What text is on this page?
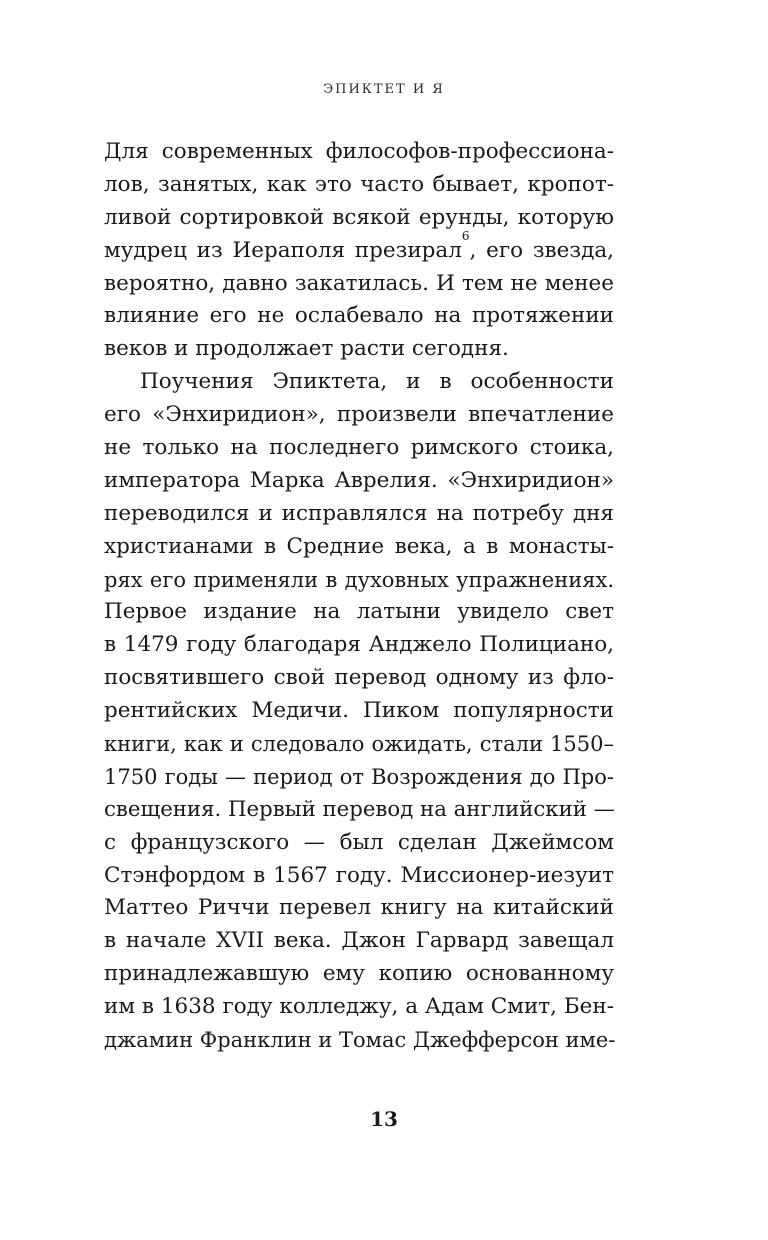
ЭПИКТЕТ И Я
Для современных философов-профессиона-
лов, занятых, как это часто бывает, кропот-
ливой сортировкой всякой ерунды, которую
мудрец из Иераполя презирал$^6$, его звезда,
вероятно, давно закатилась. И тем не менее
влияние его не ослабевало на протяжении
веков и продолжает расти сегодня.
Поучения Эпиктета, и в особенности
его «Энхиридион», произвели впечатление
не только на последнего римского стоика,
императора Марка Аврелия. «Энхиридион»
переводился и исправлялся на потребу дня
христианами в Средние века, а в монасты-
рях его применяли в духовных упражнениях.
Первое издание на латыни увидело свет
в 1479 году благодаря Анджело Полициано,
посвятившего свой перевод одному из фло-
рентийских Медичи. Пиком популярности
книги, как и следовало ожидать, стали 1550–
1750 годы — период от Возрождения до Про-
свещения. Первый перевод на английский —
с французского — был сделан Джеймсом
Стэнфордом в 1567 году. Миссионер-иезуит
Маттео Риччи перевел книгу на китайский
в начале XVII века. Джон Гарвард завещал
принадлежавшую ему копию основанному
им в 1638 году колледжу, а Адам Смит, Бен-
джамин Франклин и Томас Джефферсон име-
13
